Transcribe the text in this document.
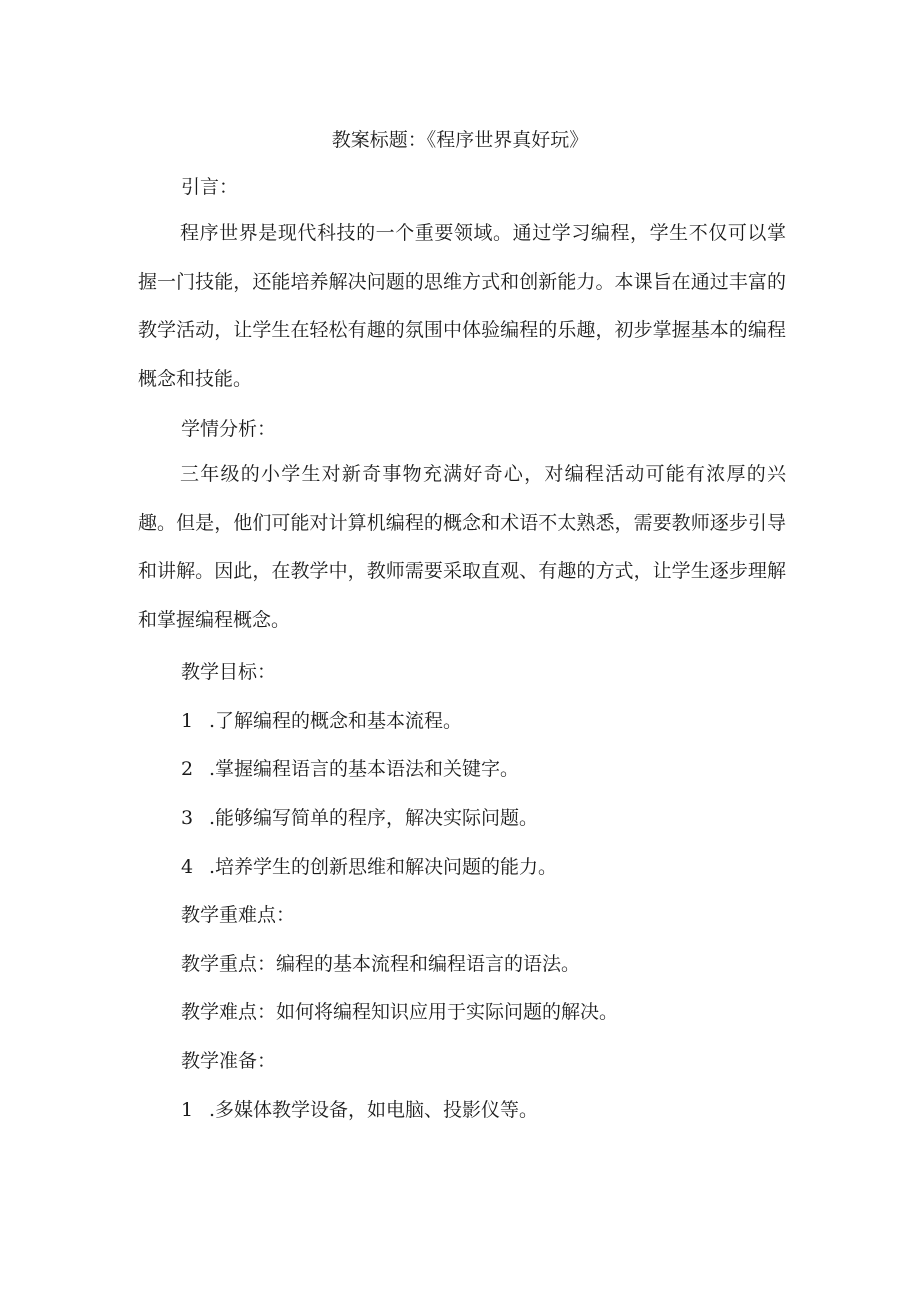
教案标题：《程序世界真好玩》
引言：
程序世界是现代科技的一个重要领域。通过学习编程，学生不仅可以掌握一门技能，还能培养解决问题的思维方式和创新能力。本课旨在通过丰富的教学活动，让学生在轻松有趣的氛围中体验编程的乐趣，初步掌握基本的编程概念和技能。
学情分析：
三年级的小学生对新奇事物充满好奇心，对编程活动可能有浓厚的兴趣。但是，他们可能对计算机编程的概念和术语不太熟悉，需要教师逐步引导和讲解。因此，在教学中，教师需要采取直观、有趣的方式，让学生逐步理解和掌握编程概念。
教学目标：
1 .了解编程的概念和基本流程。
2 .掌握编程语言的基本语法和关键字。
3 .能够编写简单的程序，解决实际问题。
4 .培养学生的创新思维和解决问题的能力。
教学重难点：
教学重点：编程的基本流程和编程语言的语法。
教学难点：如何将编程知识应用于实际问题的解决。
教学准备：
1 .多媒体教学设备，如电脑、投影仪等。
